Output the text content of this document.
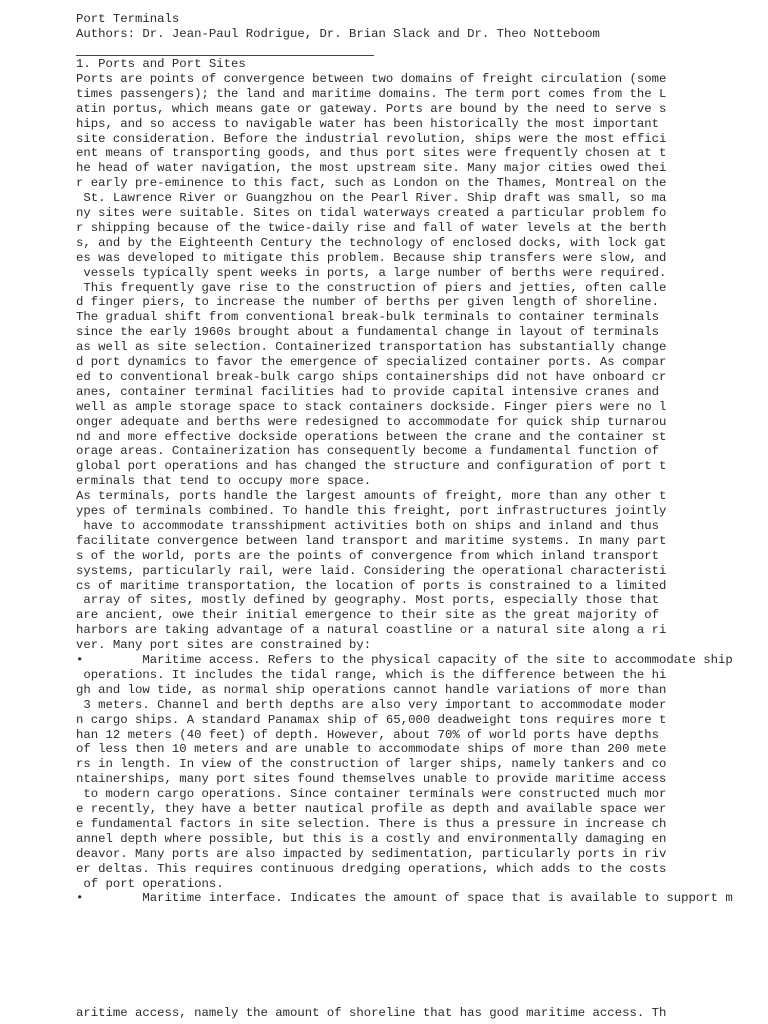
Port Terminals
Authors: Dr. Jean-Paul Rodrigue, Dr. Brian Slack and Dr. Theo Notteboom
1. Ports and Port Sites
Ports are points of convergence between two domains of freight circulation (some
times passengers); the land and maritime domains. The term port comes from the L
atin portus, which means gate or gateway. Ports are bound by the need to serve s
hips, and so access to navigable water has been historically the most important
site consideration. Before the industrial revolution, ships were the most effici
ent means of transporting goods, and thus port sites were frequently chosen at t
he head of water navigation, the most upstream site. Many major cities owed thei
r early pre-eminence to this fact, such as London on the Thames, Montreal on the
St. Lawrence River or Guangzhou on the Pearl River. Ship draft was small, so ma
ny sites were suitable. Sites on tidal waterways created a particular problem fo
r shipping because of the twice-daily rise and fall of water levels at the berth
s, and by the Eighteenth Century the technology of enclosed docks, with lock gat
es was developed to mitigate this problem. Because ship transfers were slow, and
vessels typically spent weeks in ports, a large number of berths were required.
This frequently gave rise to the construction of piers and jetties, often calle
d finger piers, to increase the number of berths per given length of shoreline.
The gradual shift from conventional break-bulk terminals to container terminals
since the early 1960s brought about a fundamental change in layout of terminals
as well as site selection. Containerized transportation has substantially change
d port dynamics to favor the emergence of specialized container ports. As compar
ed to conventional break-bulk cargo ships containerships did not have onboard cr
anes, container terminal facilities had to provide capital intensive cranes and
well as ample storage space to stack containers dockside. Finger piers were no l
onger adequate and berths were redesigned to accommodate for quick ship turnarou
nd and more effective dockside operations between the crane and the container st
orage areas. Containerization has consequently become a fundamental function of
global port operations and has changed the structure and configuration of port t
erminals that tend to occupy more space.
As terminals, ports handle the largest amounts of freight, more than any other t
ypes of terminals combined. To handle this freight, port infrastructures jointly
have to accommodate transshipment activities both on ships and inland and thus
facilitate convergence between land transport and maritime systems. In many part
s of the world, ports are the points of convergence from which inland transport
systems, particularly rail, were laid. Considering the operational characteristi
cs of maritime transportation, the location of ports is constrained to a limited
array of sites, mostly defined by geography. Most ports, especially those that
are ancient, owe their initial emergence to their site as the great majority of
harbors are taking advantage of a natural coastline or a natural site along a ri
ver. Many port sites are constrained by:
•        Maritime access. Refers to the physical capacity of the site to accommodate ship
operations. It includes the tidal range, which is the difference between the hi
gh and low tide, as normal ship operations cannot handle variations of more than
3 meters. Channel and berth depths are also very important to accommodate moder
n cargo ships. A standard Panamax ship of 65,000 deadweight tons requires more t
han 12 meters (40 feet) of depth. However, about 70% of world ports have depths
of less then 10 meters and are unable to accommodate ships of more than 200 mete
rs in length. In view of the construction of larger ships, namely tankers and co
ntainerships, many port sites found themselves unable to provide maritime access
to modern cargo operations. Since container terminals were constructed much mor
e recently, they have a better nautical profile as depth and available space wer
e fundamental factors in site selection. There is thus a pressure in increase ch
annel depth where possible, but this is a costly and environmentally damaging en
deavor. Many ports are also impacted by sedimentation, particularly ports in riv
er deltas. This requires continuous dredging operations, which adds to the costs
of port operations.
•        Maritime interface. Indicates the amount of space that is available to support m
aritime access, namely the amount of shoreline that has good maritime access. Th
